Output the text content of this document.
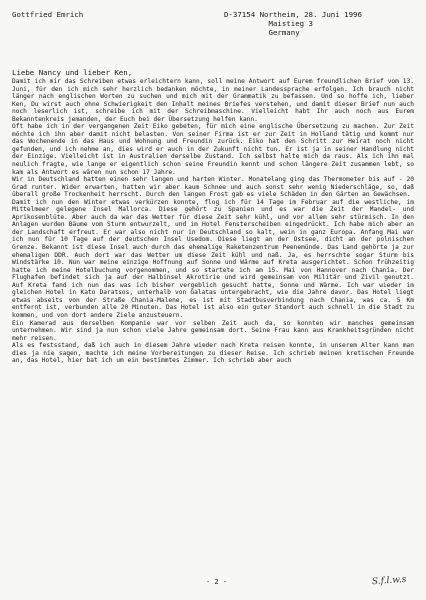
Gottfried Emrich	D-37154 Northeim, 28. Juni 1996
Maistieg 3
Germany
Liebe Nancy und lieber Ken,

Damit ich mir das Schreiben etwas erleichtern kann, soll meine Antwort auf Eurem freundlichen Brief vom 13. Juni, für den ich mich sehr herzlich bedanken möchte, in meiner Landessprache erfolgen. Ich brauch nicht länger nach englischen Worten zu suchen und mich mit der Grammatik zu befassen. Und so hoffe ich, lieber Ken, Du wirst auch ohne Schwierigkeit den Inhalt meines Briefes verstehen, und damit dieser Brief nun auch noch leserlich ist, schreibe ich mit der Schreibmaschine. Vielleicht habt Ihr auch noch aus Eurem Bekanntenkreis jemanden, der Euch bei der Übersetzung helfen kann.

Oft habe ich in der vergangenen Zeit Eiko gebeten, für mich eine englische Übersetzung zu machen. Zur Zeit möchte ich ihn aber damit nicht belasten. Von seiner Firma ist er zur Zeit in Holland tätig und kommt nur das Wochenende in das Haus und Wohnung und Freundin zurück. Eiko hat den Schritt zur Heirat noch nicht gefunden, und ich nehme an, dies wird er auch in der Zukunft nicht tun. Er ist ja in seiner Handlung nicht der Einzige. Vielleicht ist in Australien derselbe Zustand. Ich selbst halte mich da raus. Als ich ihn mal neulich fragte, wie lange er eigentlich schon seine Freundin kennt und schon längere Zeit zusammen lebt, so kam als Antwort es wären nun schon 17 Jahre.

Wir in Deutschland hatten einen sehr langen und harten Winter. Monatelang ging das Thermometer bis auf - 20 Grad runter. Wider erwarten, hatten wir aber kaum Schnee und auch sonst sehr wenig Niederschläge, so, daß überall große Trockenheit herrscht. Durch den langen Frost gab es viele Schäden in den Gärten an Gewächsen.

Damit ich nun den Winter etwas verkürzen konnte, flog ich für 14 Tage im Februar auf die westliche, im Mittelmeer gelegene Insel Mallorca. Diese gehört zu Spanien und es war die Zeit der Mandel- und Aprikosenblüte. Aber auch da war das Wetter für diese Zeit sehr kühl, und vor allem sehr stürmisch. In den Anlagen wurden Bäume vom Sturm entwurzelt, und im Hotel Fensterscheiben eingedrückt. Ich habe mich aber an der Landschaft erfreut. Er war also nicht nur in Deutschland so kalt, wein in ganz Europa. Anfang Mai war ich nun für 10 Tage auf der deutschen Insel Usedom. Diese liegt an der Ostsee, dicht an der polnischen Grenze. Bekannt ist diese Insel auch durch das ehemalige Raketenzentrum Peenemünde. Das Land gehörte ja zur ehemaligen DDR. Auch dort war das Wetter um diese Zeit kühl und naß. Ja, es herrschte sogar Sturm bis Windstärke 10. Nun war meine einzige Hoffnung auf Sonne und Wärme auf Kreta ausgerichtet. Schon frühzeitig hatte ich meine Hotelbuchung vorgenommen, und so startete ich am 15. Mai von Hannover nach Chania. Der Flughafen befindet sich ja auf der Halbinsel Akrotirie und wird gemeinsam von Militär und Zivil genutzt. Auf Kreta fand ich nun das was ich bisher vergeblich gesucht hatte, Sonne und Wärme. Ich war wieder im gleichen Hotel in Kato Daratsos, unterhalb von Galatas untergebracht, wie die Jahre davor. Das Hotel liegt etwas abseits von der Straße Chania-Malene, es ist mit Stadtbusverbindung nach Chania, was ca. 5 Km entfernt ist, verbunden alle 20 Minuten. Das Hotel ist also ein guter Standort auch schnell in die Stadt zu kommen, und von dort andere Ziele anzusteuern.

Ein Kamerad aus derselben Kompanie war vor selben Zeit auch da, so konnten wir manches gemeinsam unternehmen. Wir sind ja nun schon viele Jahre gemeinsam dort. Seine Frau kann aus Krankheitsgründen nicht mehr reisen.

Als es festsstand, daß ich auch in diesem Jahre wieder nach Kreta reisen konnte, in unserem Alter kann man dies ja nie sagen, machte ich meine Vorbereitungen zu dieser Reise. Ich schrieb meinen kretischen Freunde an, das Hotel, hier bat ich um ein bestimmtes Zimmer. Ich schrieb aber auch

- 2 -	S.f.l.w.s
